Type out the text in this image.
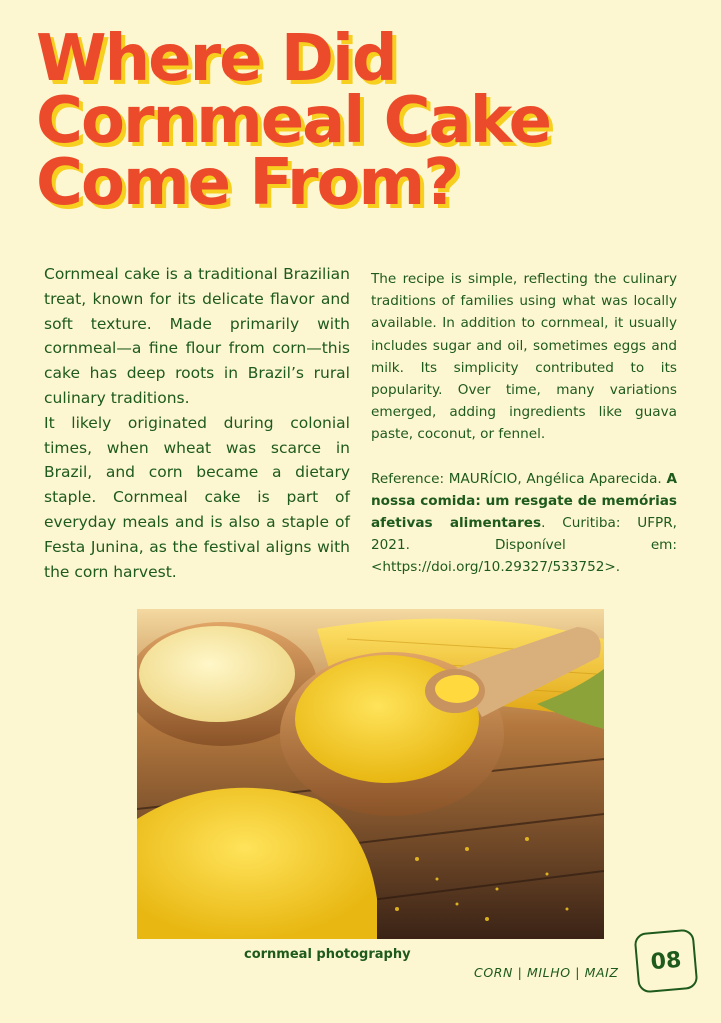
Where Did
Cornmeal Cake
Come From?

Cornmeal cake is a traditional Brazilian treat, known for its delicate flavor and soft texture. Made primarily with cornmeal—a fine flour from corn—this cake has deep roots in Brazil’s rural culinary traditions.

It likely originated during colonial times, when wheat was scarce in Brazil, and corn became a dietary staple. Cornmeal cake is part of everyday meals and is also a staple of Festa Junina, as the festival aligns with the corn harvest.

The recipe is simple, reflecting the culinary traditions of families using what was locally available. In addition to cornmeal, it usually includes sugar and oil, sometimes eggs and milk. Its simplicity contributed to its popularity. Over time, many variations emerged, adding ingredients like guava paste, coconut, or fennel.

Reference: MAURÍCIO, Angélica Aparecida. A nossa comida: um resgate de memórias afetivas alimentares. Curitiba: UFPR, 2021. Disponível em: <https://doi.org/10.29327/533752>.

cornmeal photography
CORN | MILHO | MAIZ 08
